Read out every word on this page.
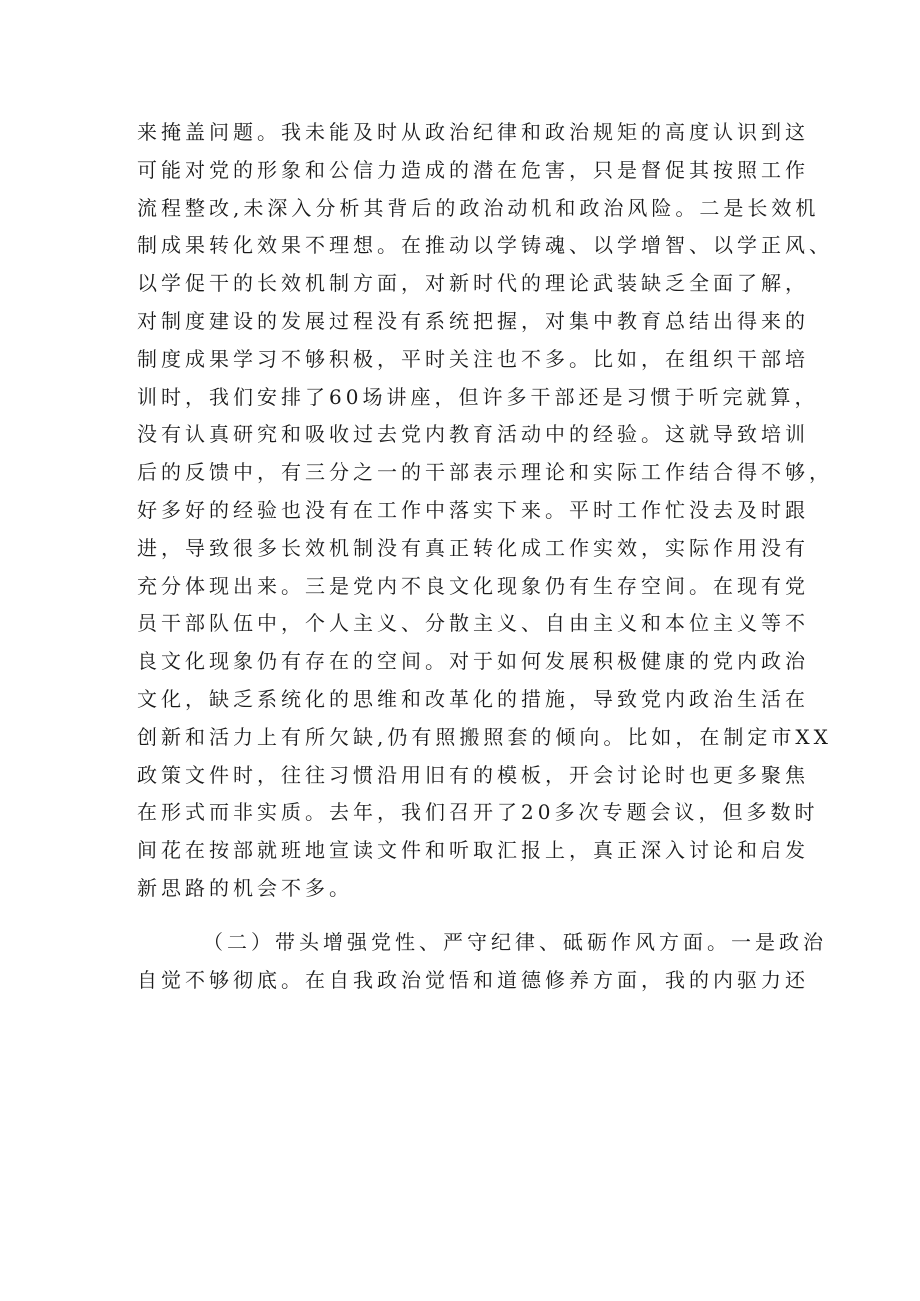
来掩盖问题。我未能及时从政治纪律和政治规矩的高度认识到这
可能对党的形象和公信力造成的潜在危害，只是督促其按照工作
流程整改,未深入分析其背后的政治动机和政治风险。二是长效机
制成果转化效果不理想。在推动以学铸魂、以学增智、以学正风、
以学促干的长效机制方面，对新时代的理论武装缺乏全面了解，
对制度建设的发展过程没有系统把握，对集中教育总结出得来的
制度成果学习不够积极，平时关注也不多。比如，在组织干部培
训时，我们安排了60场讲座，但许多干部还是习惯于听完就算，
没有认真研究和吸收过去党内教育活动中的经验。这就导致培训
后的反馈中，有三分之一的干部表示理论和实际工作结合得不够，
好多好的经验也没有在工作中落实下来。平时工作忙没去及时跟
进，导致很多长效机制没有真正转化成工作实效，实际作用没有
充分体现出来。三是党内不良文化现象仍有生存空间。在现有党
员干部队伍中，个人主义、分散主义、自由主义和本位主义等不
良文化现象仍有存在的空间。对于如何发展积极健康的党内政治
文化，缺乏系统化的思维和改革化的措施，导致党内政治生活在
创新和活力上有所欠缺,仍有照搬照套的倾向。比如，在制定市XX
政策文件时，往往习惯沿用旧有的模板，开会讨论时也更多聚焦
在形式而非实质。去年，我们召开了20多次专题会议，但多数时
间花在按部就班地宣读文件和听取汇报上，真正深入讨论和启发
新思路的机会不多。
（二）带头增强党性、严守纪律、砥砺作风方面。一是政治
自觉不够彻底。在自我政治觉悟和道德修养方面，我的内驱力还
